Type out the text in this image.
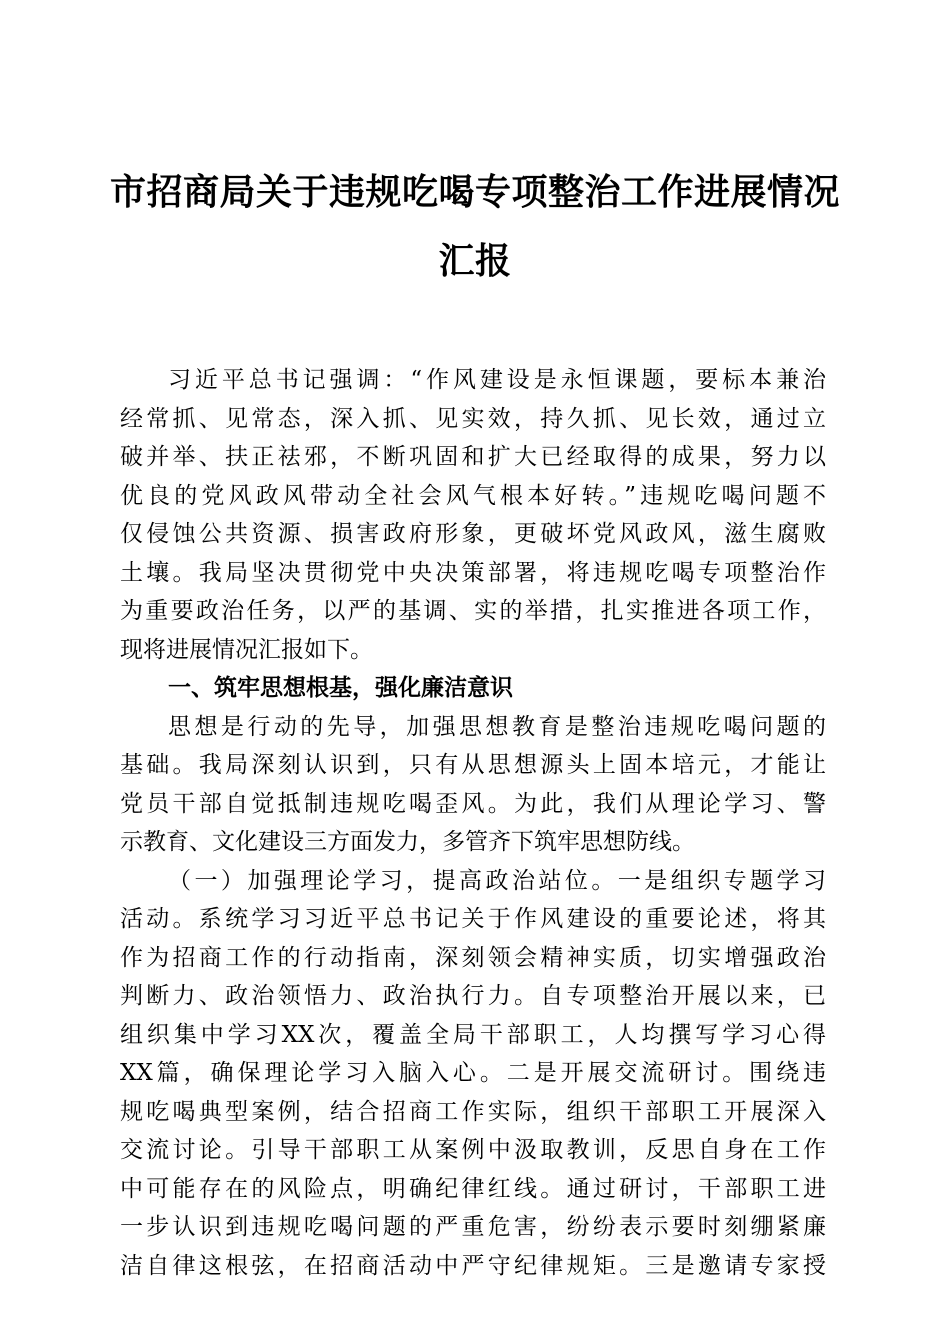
市招商局关于违规吃喝专项整治工作进展情况
汇报
习近平总书记强调：“作风建设是永恒课题，要标本兼治
经常抓、见常态，深入抓、见实效，持久抓、见长效，通过立
破并举、扶正祛邪，不断巩固和扩大已经取得的成果，努力以
优良的党风政风带动全社会风气根本好转。”违规吃喝问题不
仅侵蚀公共资源、损害政府形象，更破坏党风政风，滋生腐败
土壤。我局坚决贯彻党中央决策部署，将违规吃喝专项整治作
为重要政治任务，以严的基调、实的举措，扎实推进各项工作，
现将进展情况汇报如下。
一、筑牢思想根基，强化廉洁意识
思想是行动的先导，加强思想教育是整治违规吃喝问题的
基础。我局深刻认识到，只有从思想源头上固本培元，才能让
党员干部自觉抵制违规吃喝歪风。为此，我们从理论学习、警
示教育、文化建设三方面发力，多管齐下筑牢思想防线。
（一）加强理论学习，提高政治站位。一是组织专题学习
活动。系统学习习近平总书记关于作风建设的重要论述，将其
作为招商工作的行动指南，深刻领会精神实质，切实增强政治
判断力、政治领悟力、政治执行力。自专项整治开展以来，已
组织集中学习XX次，覆盖全局干部职工，人均撰写学习心得
XX篇，确保理论学习入脑入心。二是开展交流研讨。围绕违
规吃喝典型案例，结合招商工作实际，组织干部职工开展深入
交流讨论。引导干部职工从案例中汲取教训，反思自身在工作
中可能存在的风险点，明确纪律红线。通过研讨，干部职工进
一步认识到违规吃喝问题的严重危害，纷纷表示要时刻绷紧廉
洁自律这根弦，在招商活动中严守纪律规矩。三是邀请专家授
